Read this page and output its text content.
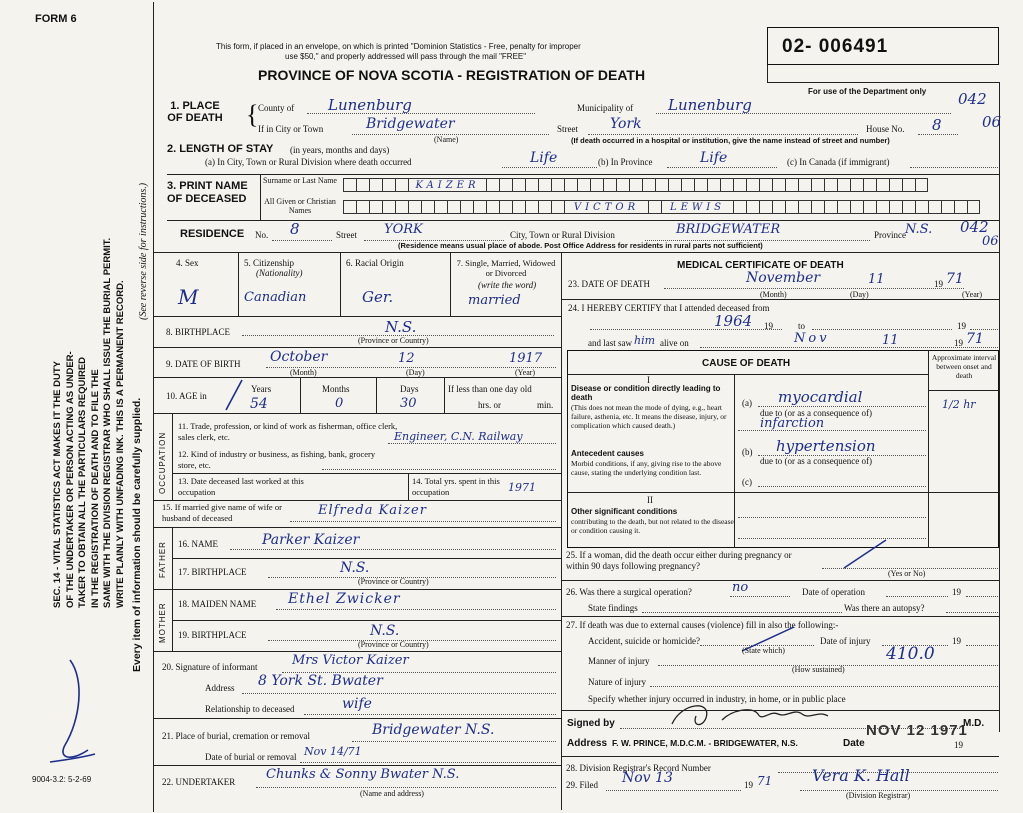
FORM 6
This form, if placed in an envelope, on which is printed "Dominion Statistics - Free, penalty for improper
use $50," and properly addressed will pass through the mail "FREE"
PROVINCE OF NOVA SCOTIA - REGISTRATION OF DEATH
02- 006491
For use of the Department only
SEC. 14 - VITAL STATISTICS ACT MAKES IT THE DUTY OF THE UNDERTAKER OR PERSON ACTING AS UNDER- TAKER TO OBTAIN ALL THE PARTICULARS REQUIRED IN THE REGISTRATION OF DEATH AND TO FILE THE SAME WITH THE DIVISION REGISTRAR WHO SHALL ISSUE THE BURIAL PERMIT. WRITE PLAINLY WITH UNFADING INK. THIS IS A PERMANENT RECORD.
(See reverse side for instructions.)
Every item of information should be carefully supplied.
9004-3.2: 5-2-69
1. PLACE OF DEATH { County of Lunenburg	Municipality of Lunenburg	042
If in City or Town	Bridgewater
(Name)
Street York	House No. 8	06
(If death occurred in a hospital or institution, give the name instead of street and number)
2. LENGTH OF STAY (in years, months and days)
(a) In City, Town or Rural Division where death occurred	Life	(b) In Province	Life	(c) In Canada (if immigrant)
3. PRINT NAME OF DECEASED
Surname or Last Name
All Given or Christian Names
KAIZER
VICTOR	LEWIS
RESIDENCE No. 8	Street YORK	City, Town or Rural Division	BRIDGEWATER	Province N.S. 042
06
(Residence means usual place of abode. Post Office Address for residents in rural parts not sufficient)
4. Sex
M
5. Citizenship
(Nationality)
Canadian
6. Racial Origin
Ger.
7. Single, Married, Widowed or Divorced
(write the word)
married
8. BIRTHPLACE	N.S.
(Province or Country)
9. DATE OF BIRTH October	12	1917
(Month)	(Day)	(Year)
10. AGE in
Years
54
Months
0
Days
30
If less than one day old
hrs. or	min.
OCCUPATION
11. Trade, profession, or kind of work as fisherman, office clerk, sales clerk, etc.	Engineer, C.N. Railway
12. Kind of industry or business, as fishing, bank, grocery store, etc.
13. Date deceased last worked at this occupation
14. Total yrs. spent in this occupation	1971
15. If married give name of wife or husband of deceased	Elfreda Kaizer
FATHER 16. NAME	Parker Kaizer
17. BIRTHPLACE	N.S.
(Province or Country)
MOTHER 18. MAIDEN NAME Ethel Zwicker
19. BIRTHPLACE	N.S.
(Province or Country)
20. Signature of informant	Mrs Victor Kaizer
Address 8 York St. Bwater
Relationship to deceased	wife
21. Place of burial, cremation or removal	Bridgewater N.S.
Date of burial or removal Nov 14/71
22. UNDERTAKER Chunks & Sonny Bwater N.S.
(Name and address)
MEDICAL CERTIFICATE OF DEATH
23. DATE OF DEATH	November	11	19 71
(Month)	(Day)	(Year)
24. I HEREBY CERTIFY that I attended deceased from
1964 19	to	19
and last saw him alive on	Nov	11	19 71
CAUSE OF DEATH
Approximate interval between onset and death
I
Disease or condition directly leading to death
(This does not mean the mode of dying, e.g., heart failure, asthenia, etc. It means the disease, injury, or complication which caused death.)
(a) myocardial	1/2 hr
due to (or as a consequence of)
infarction
Antecedent causes
Morbid conditions, if any, giving rise to the above cause, stating the underlying condition last.
(b) hypertension
due to (or as a consequence of)
(c)
II
Other significant conditions
contributing to the death, but not related to the disease or condition causing it.
25. If a woman, did the death occur either during pregnancy or within 90 days following pregnancy?
(Yes or No)
26. Was there a surgical operation?	no	Date of operation	19
State findings	Was there an autopsy?
27. If death was due to external causes (violence) fill in also the following:-
Accident, suicide or homicide?
(State which)
Date of injury	19
Manner of injury	410.0
(How sustained)
Nature of injury
Specify whether injury occurred in industry, in home, or in public place
Signed by	M.D.
Address F. W. PRINCE, M.D.C.M. - BRIDGEWATER, N.S.	Date
NOV 12 1971
19
28. Division Registrar's Record Number
29. Filed Nov 13	19 71 Vera K. Hall
(Division Registrar)
